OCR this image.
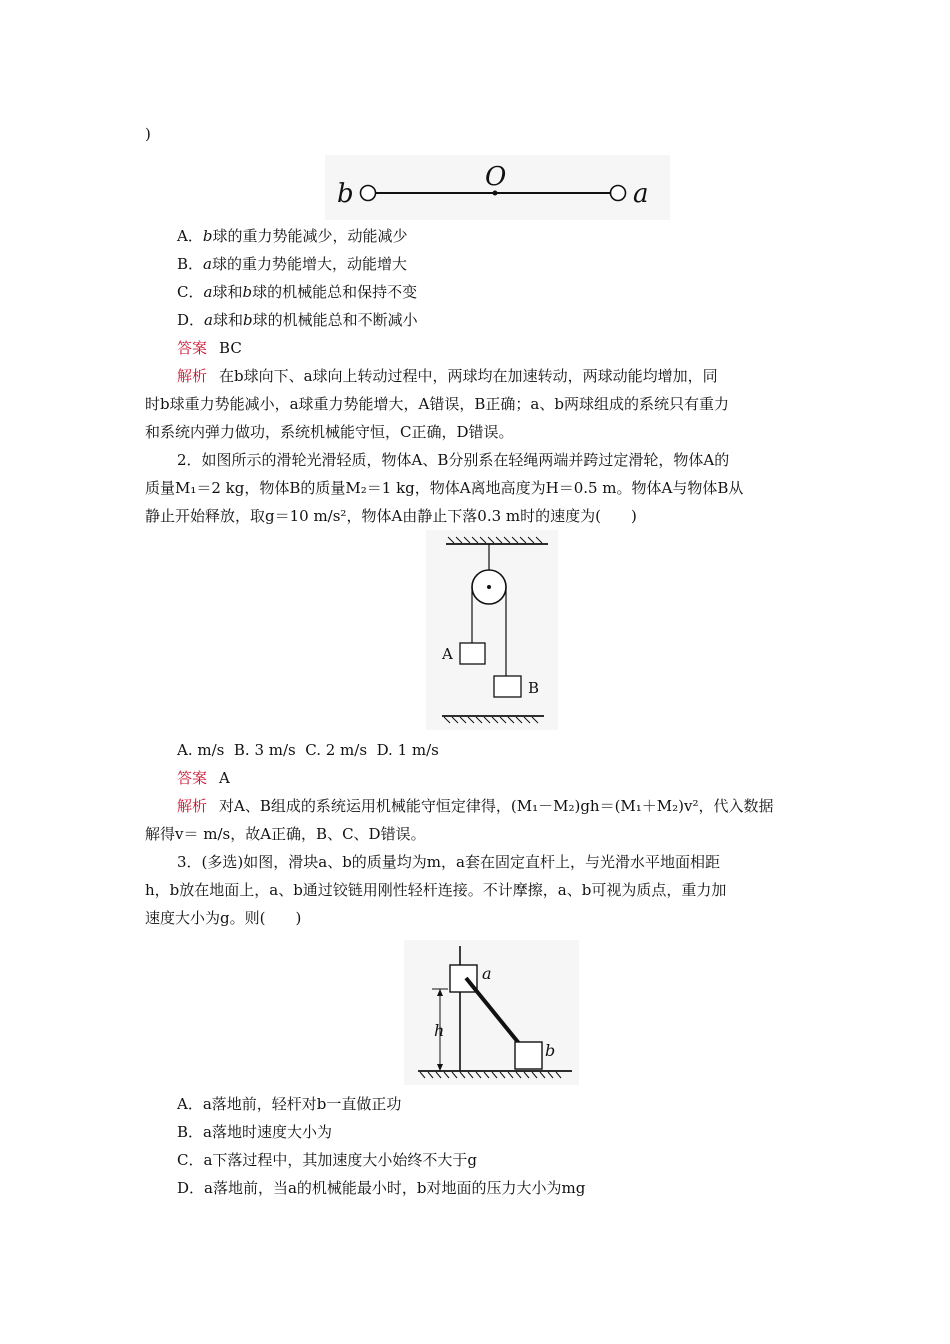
)
b
O
a
A．b球的重力势能减少，动能减少
B．a球的重力势能增大，动能增大
C．a球和b球的机械能总和保持不变
D．a球和b球的机械能总和不断减小
答案 BC
解析 在b球向下、a球向上转动过程中，两球均在加速转动，两球动能均增加，同
时b球重力势能减小，a球重力势能增大，A错误，B正确；a、b两球组成的系统只有重力
和系统内弹力做功，系统机械能守恒，C正确，D错误。
2．如图所示的滑轮光滑轻质，物体A、B分别系在轻绳两端并跨过定滑轮，物体A的
质量M₁＝2 kg，物体B的质量M₂＝1 kg，物体A离地高度为H＝0.5 m。物体A与物体B从
静止开始释放，取g＝10 m/s²，物体A由静止下落0.3 m时的速度为(　　)
A
B
A. m/s  B. 3 m/s  C. 2 m/s  D. 1 m/s
答案 A
解析 对A、B组成的系统运用机械能守恒定律得，(M₁－M₂)gh＝(M₁＋M₂)v²，代入数据
解得v＝ m/s，故A正确，B、C、D错误。
3．(多选)如图，滑块a、b的质量均为m，a套在固定直杆上，与光滑水平地面相距
h，b放在地面上，a、b通过铰链用刚性轻杆连接。不计摩擦，a、b可视为质点，重力加
速度大小为g。则(　　)
a
b
h
A．a落地前，轻杆对b一直做正功
B．a落地时速度大小为
C．a下落过程中，其加速度大小始终不大于g
D．a落地前，当a的机械能最小时，b对地面的压力大小为mg
